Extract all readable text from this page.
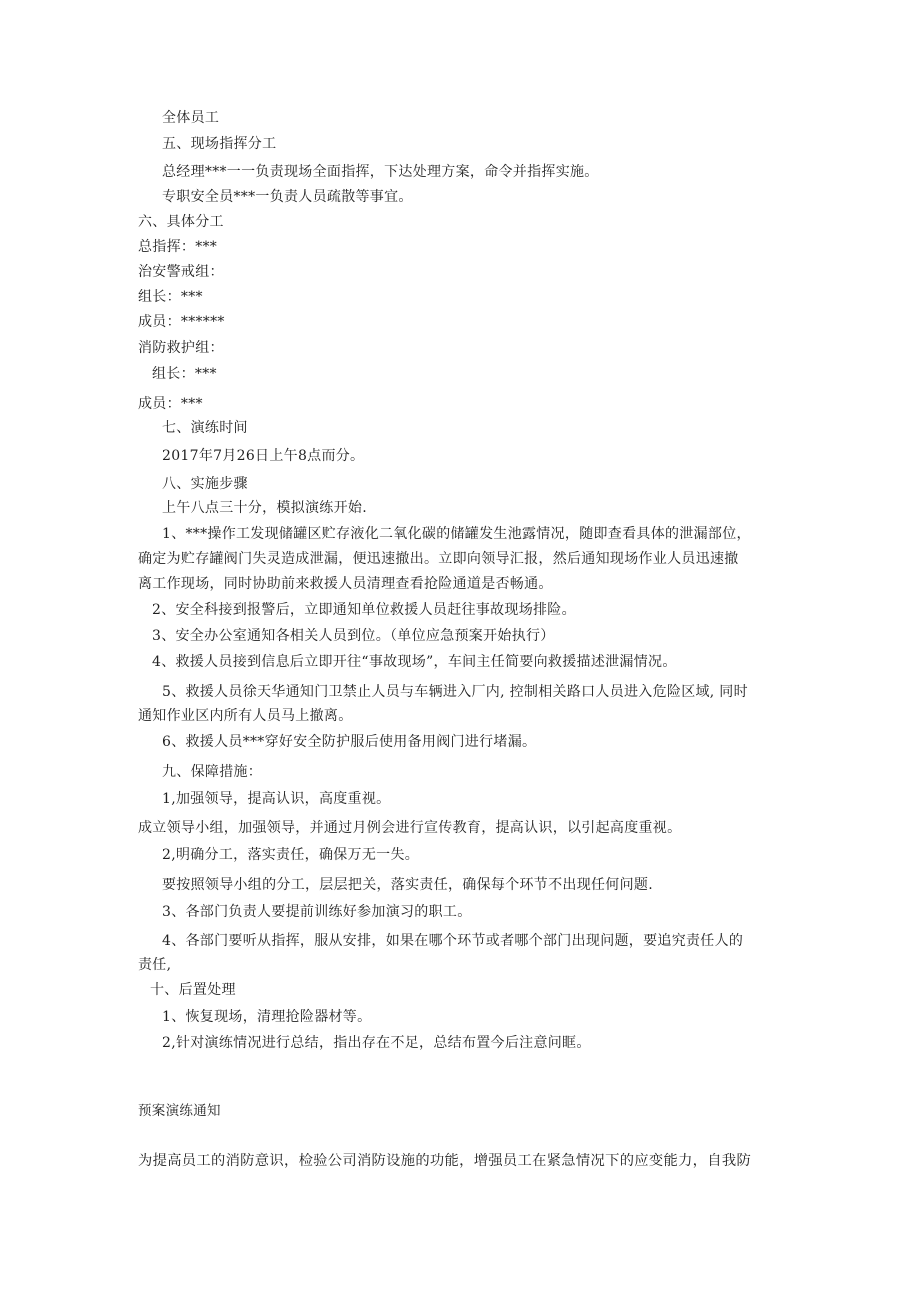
全体员工
五、现场指挥分工
总经理***一一负责现场全面指挥，下达处理方案，命令并指挥实施。
专职安全员***一负责人员疏散等事宜。
六、具体分工
总指挥：***
治安警戒组：
组长：***
成员：******
消防救护组：
组长：***
成员：***
七、演练时间
2017年7月26日上午8点而分。
八、实施步骤
上午八点三十分，模拟演练开始.
1、***操作工发现储罐区贮存液化二氧化碳的储罐发生池露情况，随即查看具体的泄漏部位，
确定为贮存罐阀门失灵造成泄漏，便迅速撤出。立即向领导汇报，然后通知现场作业人员迅速撤
离工作现场，同时协助前来救援人员清理查看抢险通道是否畅通。
2、安全科接到报警后，立即通知单位救援人员赶往事故现场排险。
3、安全办公室通知各相关人员到位。（单位应急预案开始执行）
4、救援人员接到信息后立即开往“事故现场”，车间主任简要向救援描述泄漏情况。
5、救援人员徐天华通知门卫禁止人员与车辆进入厂内, 控制相关路口人员进入危险区域, 同时
通知作业区内所有人员马上撤离。
6、救援人员***穿好安全防护服后使用备用阀门进行堵漏。
九、保障措施：
1,加强领导，提高认识，高度重视。
成立领导小组，加强领导，并通过月例会进行宣传教育，提高认识，以引起高度重视。
2,明确分工，落实责任，确保万无一失。
要按照领导小组的分工，层层把关，落实责任，确保每个环节不出现任何问题.
3、各部门负责人要提前训练好参加演习的职工。
4、各部门要听从指挥，服从安排，如果在哪个环节或者哪个部门出现问题，要追究责任人的
责任,
十、后置处理
1、恢复现场，清理抢险器材等。
2,针对演练情况进行总结，指出存在不足，总结布置今后注意问眶。
预案演练通知
为提高员工的消防意识，检验公司消防设施的功能，增强员工在紧急情况下的应变能力，自我防
